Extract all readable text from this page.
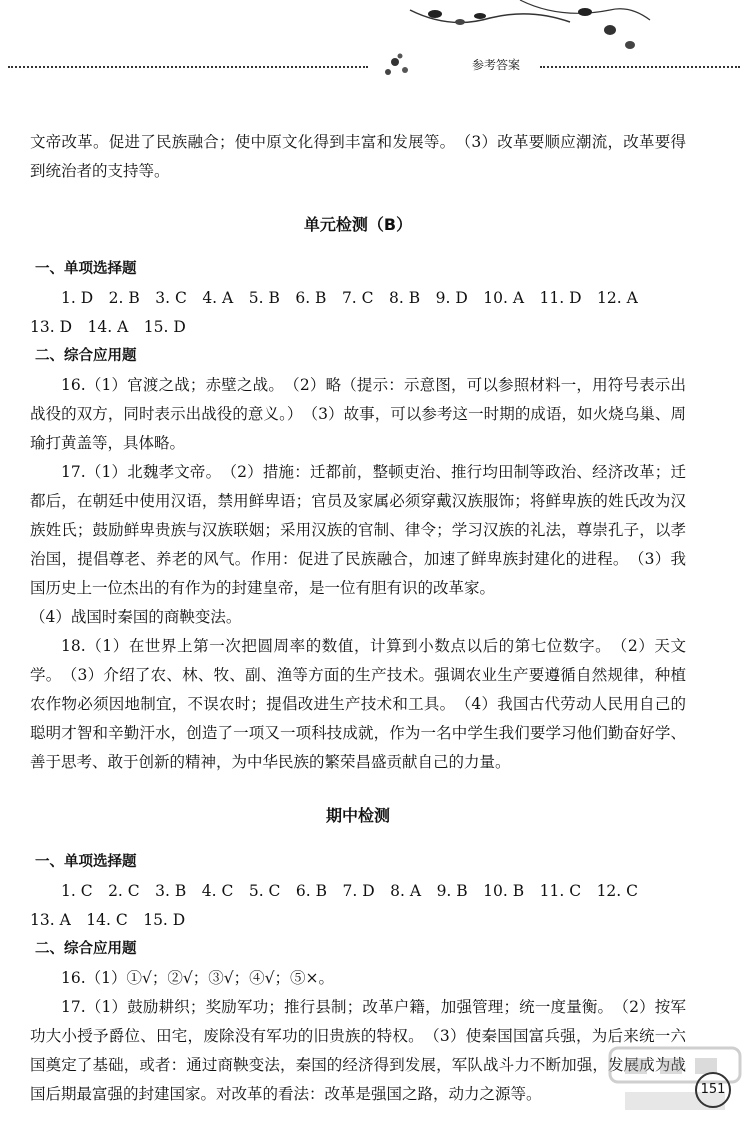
参考答案

文帝改革。促进了民族融合；使中原文化得到丰富和发展等。　（3）改革要顺应潮流，改革要得到统治者的支持等。

单元检测（B）
一、单项选择题

1. D　2. B　3. C　4. A　5. B　6. B　7. C　8. B　9. D　10. A　11. D　12. A

13. D　14. A　15. D

二、综合应用题

16.（1）官渡之战；赤壁之战。　（2）略（提示：示意图，可以参照材料一，用符号表示出战役的双方，同时表示出战役的意义。）　（3）故事，可以参考这一时期的成语，如火烧乌巢、周瑜打黄盖等，具体略。

17.（1）北魏孝文帝。　（2）措施：迁都前，整顿吏治、推行均田制等政治、经济改革；迁都后，在朝廷中使用汉语，禁用鲜卑语；官员及家属必须穿戴汉族服饰；将鲜卑族的姓氏改为汉族姓氏；鼓励鲜卑贵族与汉族联姻；采用汉族的官制、律令；学习汉族的礼法，尊崇孔子，以孝治国，提倡尊老、养老的风气。作用：促进了民族融合，加速了鲜卑族封建化的进程。　（3）我国历史上一位杰出的有作为的封建皇帝，是一位有胆有识的改革家。

（4）战国时秦国的商鞅变法。

18.（1）在世界上第一次把圆周率的数值，计算到小数点以后的第七位数字。　（2）天文学。　（3）介绍了农、林、牧、副、渔等方面的生产技术。强调农业生产要遵循自然规律，种植农作物必须因地制宜，不误农时；提倡改进生产技术和工具。　（4）我国古代劳动人民用自己的聪明才智和辛勤汗水，创造了一项又一项科技成就，作为一名中学生我们要学习他们勤奋好学、善于思考、敢于创新的精神，为中华民族的繁荣昌盛贡献自己的力量。

期中检测
一、单项选择题

1. C　2. C　3. B　4. C　5. C　6. B　7. D　8. A　9. B　10. B　11. C　12. C

13. A　14. C　15. D

二、综合应用题

16.（1）①√；②√；③√；④√；⑤×。

17.（1）鼓励耕织；奖励军功；推行县制；改革户籍，加强管理；统一度量衡。　（2）按军功大小授予爵位、田宅，废除没有军功的旧贵族的特权。　（3）使秦国国富兵强，为后来统一六国奠定了基础，或者：通过商鞅变法，秦国的经济得到发展，军队战斗力不断加强，发展成为战国后期最富强的封建国家。对改革的看法：改革是强国之路，动力之源等。	151
